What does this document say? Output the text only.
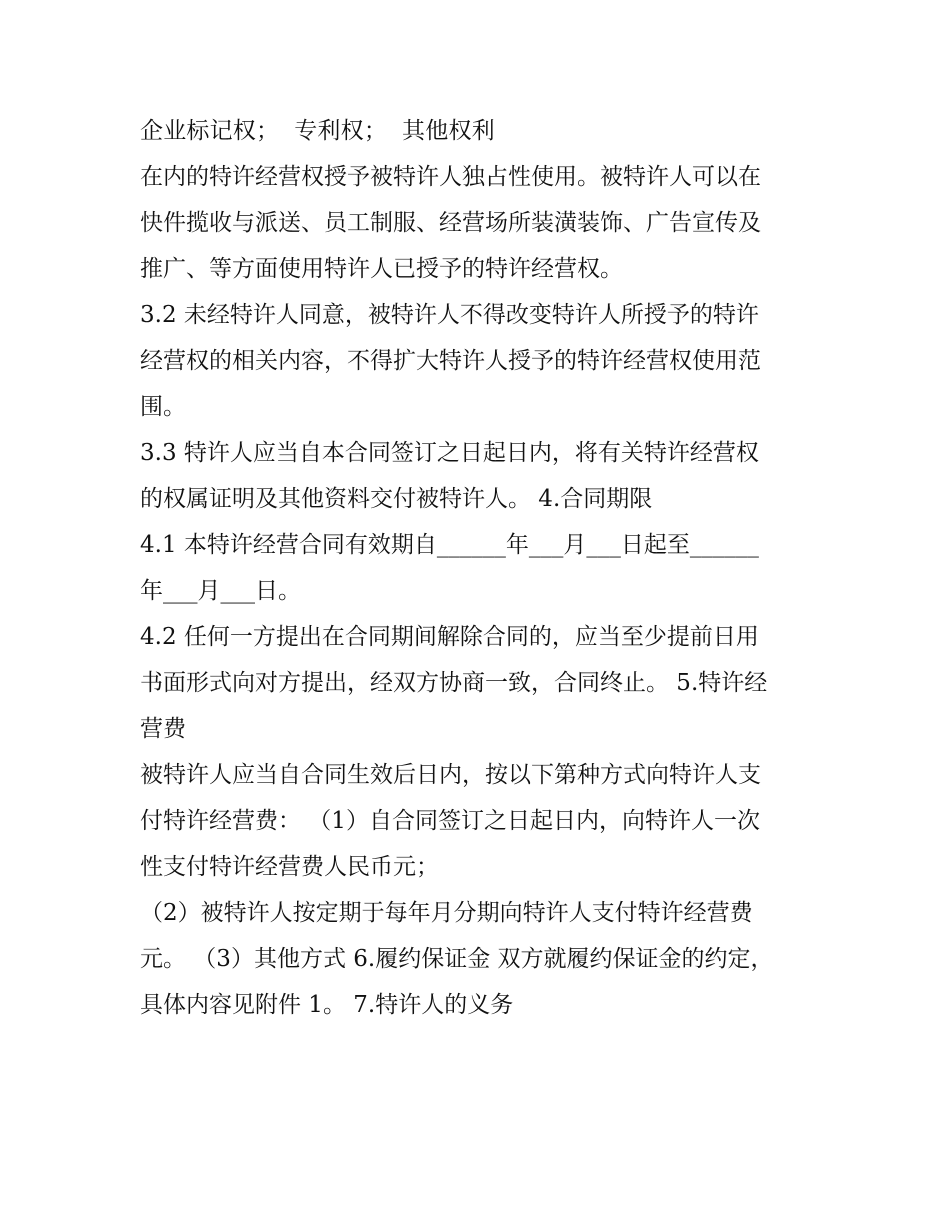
企业标记权；  专利权；  其他权利
在内的特许经营权授予被特许人独占性使用。被特许人可以在
快件揽收与派送、员工制服、经营场所装潢装饰、广告宣传及
推广、等方面使用特许人已授予的特许经营权。
3.2 未经特许人同意，被特许人不得改变特许人所授予的特许
经营权的相关内容，不得扩大特许人授予的特许经营权使用范
围。
3.3 特许人应当自本合同签订之日起日内，将有关特许经营权
的权属证明及其他资料交付被特许人。 4.合同期限
4.1 本特许经营合同有效期自______年___月___日起至______
年___月___日。
4.2 任何一方提出在合同期间解除合同的，应当至少提前日用
书面形式向对方提出，经双方协商一致，合同终止。 5.特许经
营费
被特许人应当自合同生效后日内，按以下第种方式向特许人支
付特许经营费： （1）自合同签订之日起日内，向特许人一次
性支付特许经营费人民币元；
（2）被特许人按定期于每年月分期向特许人支付特许经营费
元。 （3）其他方式 6.履约保证金 双方就履约保证金的约定，
具体内容见附件 1。 7.特许人的义务
